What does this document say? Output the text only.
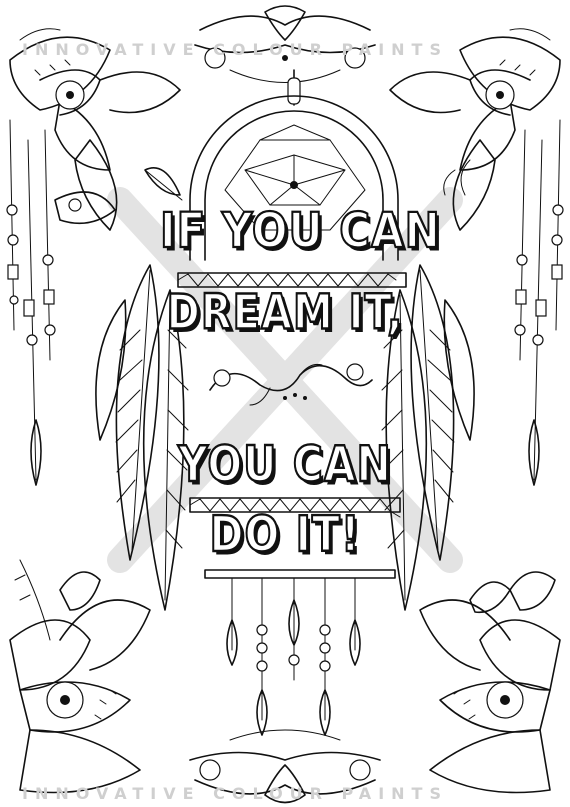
INNOVATIVE COLOUR PAINTS
INNOVATIVE COLOUR PAINTS
IF YOU CAN
DREAM IT,
YOU CAN
DO IT!
